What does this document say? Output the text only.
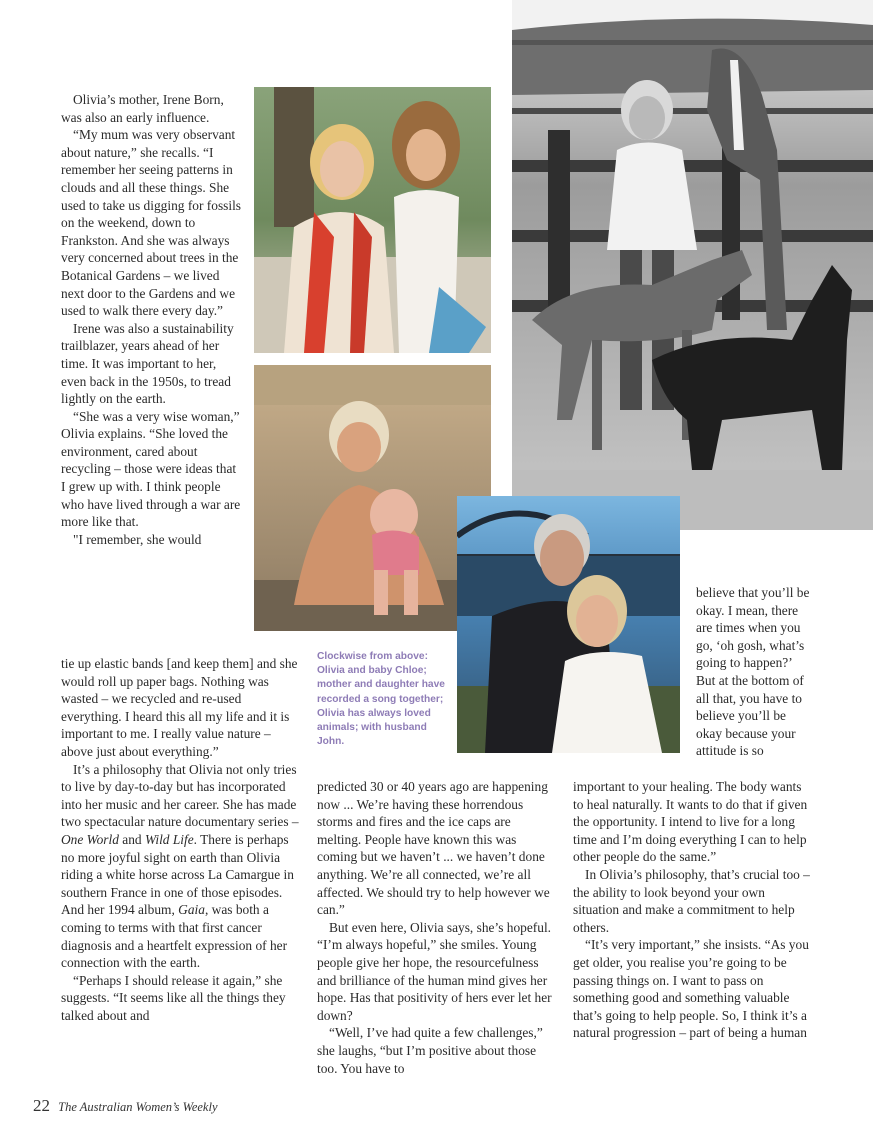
Olivia’s mother, Irene Born, was also an early influence.

“My mum was very observant about nature,” she recalls. “I remember her seeing patterns in clouds and all these things. She used to take us digging for fossils on the weekend, down to Frankston. And she was always very concerned about trees in the Botanical Gardens – we lived next door to the Gardens and we used to walk there every day.”

Irene was also a sustainability trailblazer, years ahead of her time. It was important to her, even back in the 1950s, to tread lightly on the earth.

“She was a very wise woman,” Olivia explains. “She loved the environment, cared about recycling – those were ideas that I grew up with. I think people who have lived through a war are more like that.

"I remember, she would

tie up elastic bands [and keep them] and she would roll up paper bags. Nothing was wasted – we recycled and re-used everything. I heard this all my life and it is important to me. I really value nature – above just about everything.”

It’s a philosophy that Olivia not only tries to live by day-to-day but has incorporated into her music and her career. She has made two spectacular nature documentary series – One World and Wild Life. There is perhaps no more joyful sight on earth than Olivia riding a white horse across La Camargue in southern France in one of those episodes. And her 1994 album, Gaia, was both a coming to terms with that first cancer diagnosis and a heartfelt expression of her connection with the earth.

“Perhaps I should release it again,” she suggests. “It seems like all the things they talked about and

predicted 30 or 40 years ago are happening now ... We’re having these horrendous storms and fires and the ice caps are melting. People have known this was coming but we haven’t ... we haven’t done anything. We’re all connected, we’re all affected. We should try to help however we can.”

But even here, Olivia says, she’s hopeful. “I’m always hopeful,” she smiles. Young people give her hope, the resourcefulness and brilliance of the human mind gives her hope. Has that positivity of hers ever let her down?

“Well, I’ve had quite a few challenges,” she laughs, “but I’m positive about those too. You have to

believe that you’ll be okay. I mean, there are times when you go, ‘oh gosh, what’s going to happen?’ But at the bottom of all that, you have to believe you’ll be okay because your attitude is so

important to your healing. The body wants to heal naturally. It wants to do that if given the opportunity. I intend to live for a long time and I’m doing everything I can to help other people do the same.”

In Olivia’s philosophy, that’s crucial too – the ability to look beyond your own situation and make a commitment to help others.

“It’s very important,” she insists. “As you get older, you realise you’re going to be passing things on. I want to pass on something good and something valuable that’s going to help people. So, I think it’s a natural progression – part of being a human

Clockwise from above: Olivia and baby Chloe; mother and daughter have recorded a song together; Olivia has always loved animals; with husband John.
22 The Australian Women’s Weekly
